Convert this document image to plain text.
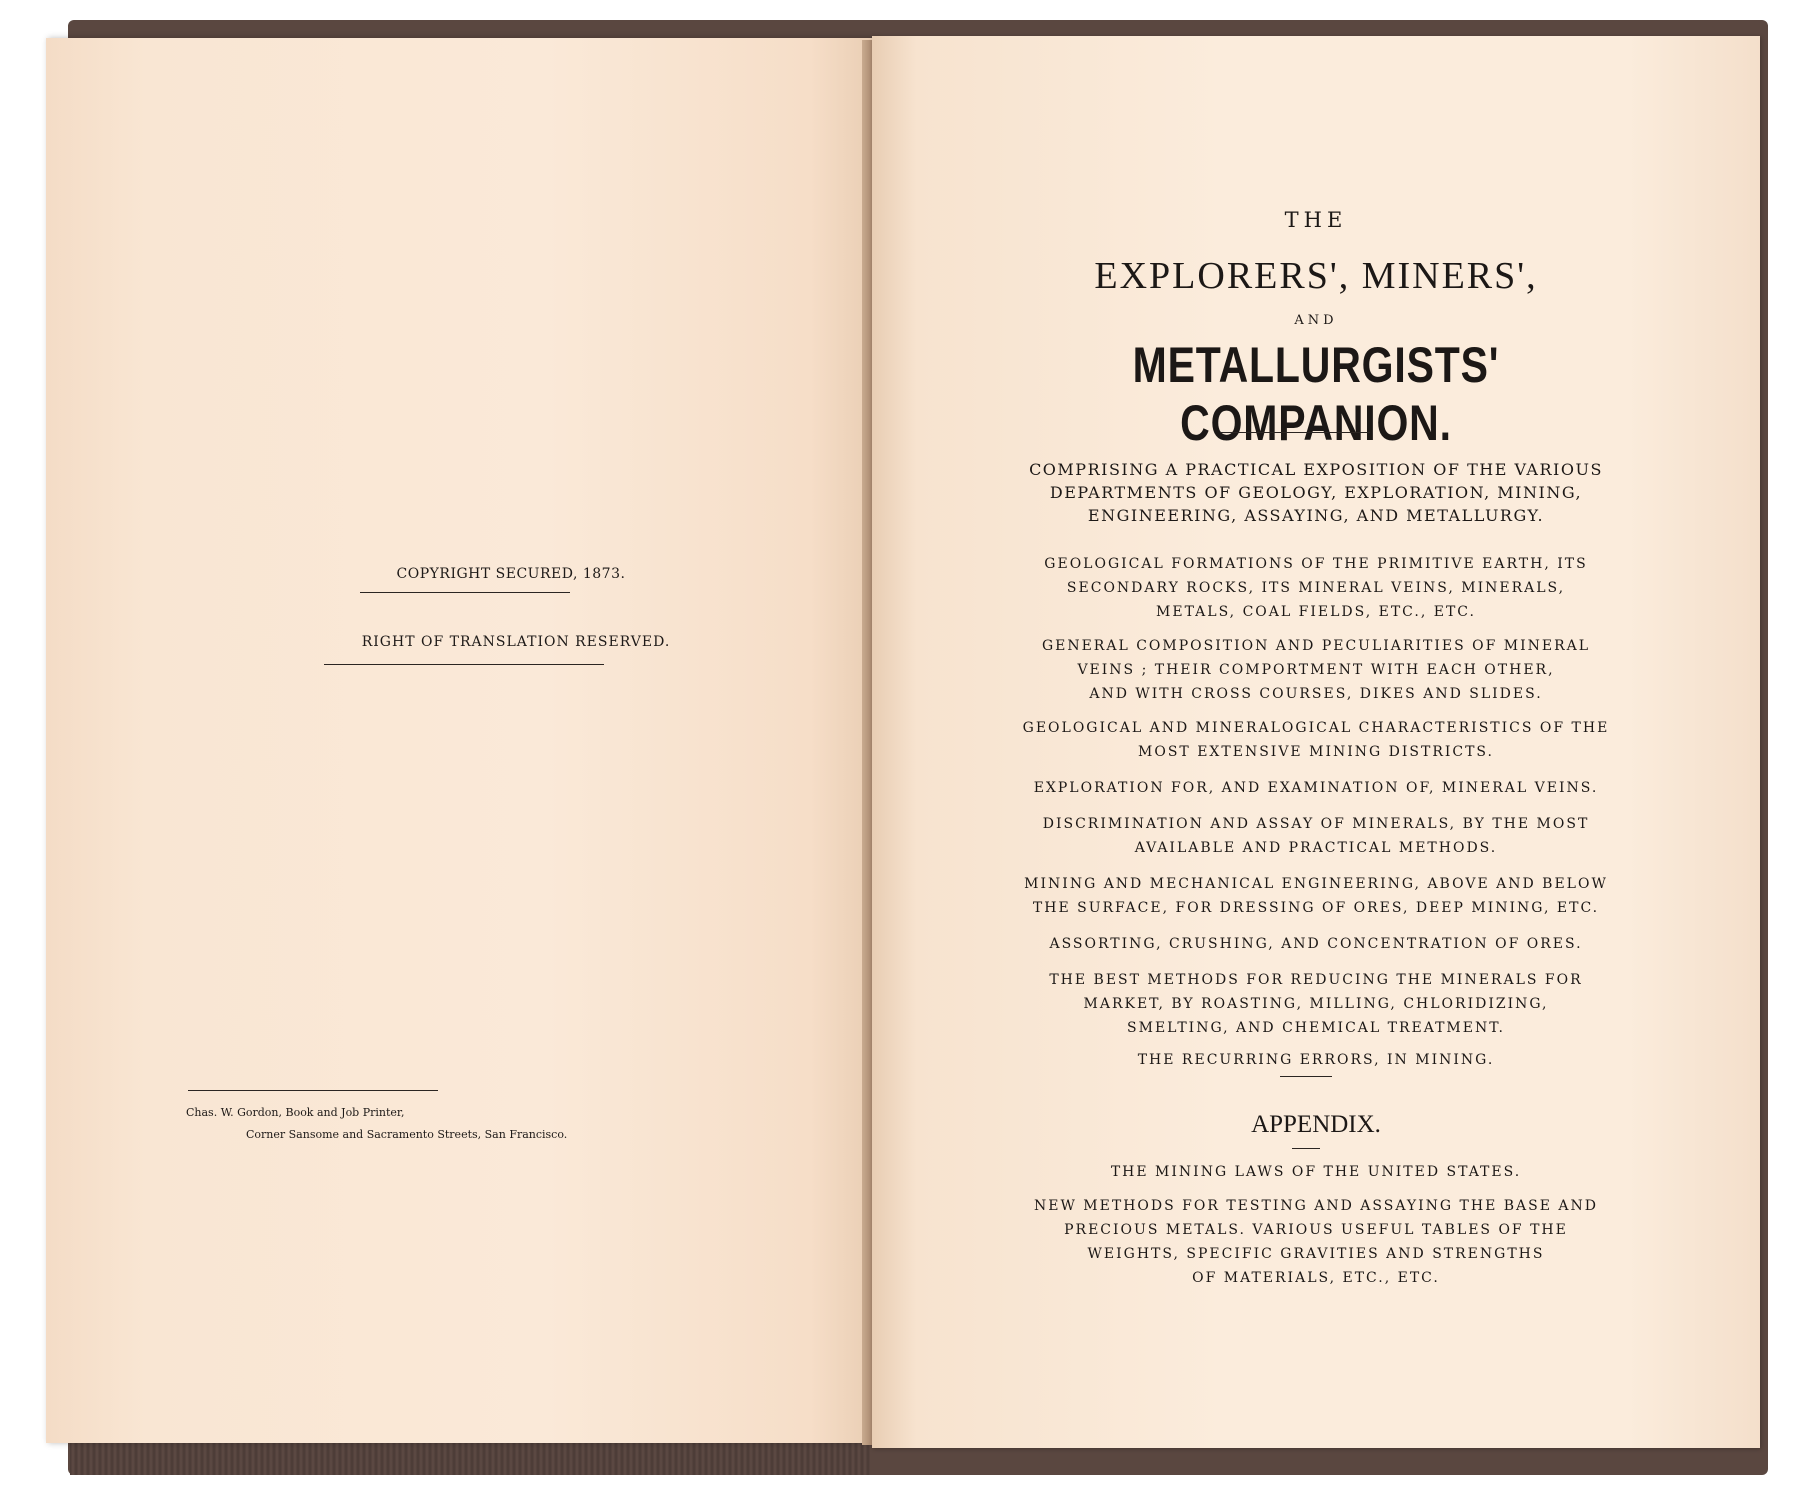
COPYRIGHT SECURED, 1873.
RIGHT OF TRANSLATION RESERVED.
Chas. W. Gordon, Book and Job Printer,
Corner Sansome and Sacramento Streets, San Francisco.
THE
EXPLORERS', MINERS',
AND
METALLURGISTS' COMPANION.
COMPRISING A PRACTICAL EXPOSITION OF THE VARIOUS
DEPARTMENTS OF GEOLOGY, EXPLORATION, MINING,
ENGINEERING, ASSAYING, AND METALLURGY.
GEOLOGICAL FORMATIONS OF THE PRIMITIVE EARTH, ITS
SECONDARY ROCKS, ITS MINERAL VEINS, MINERALS,
METALS, COAL FIELDS, ETC., ETC.
GENERAL COMPOSITION AND PECULIARITIES OF MINERAL
VEINS ; THEIR COMPORTMENT WITH EACH OTHER,
AND WITH CROSS COURSES, DIKES AND SLIDES.
GEOLOGICAL AND MINERALOGICAL CHARACTERISTICS OF THE
MOST EXTENSIVE MINING DISTRICTS.
EXPLORATION FOR, AND EXAMINATION OF, MINERAL VEINS.
DISCRIMINATION AND ASSAY OF MINERALS, BY THE MOST
AVAILABLE AND PRACTICAL METHODS.
MINING AND MECHANICAL ENGINEERING, ABOVE AND BELOW
THE SURFACE, FOR DRESSING OF ORES, DEEP MINING, ETC.
ASSORTING, CRUSHING, AND CONCENTRATION OF ORES.
THE BEST METHODS FOR REDUCING THE MINERALS FOR
MARKET, BY ROASTING, MILLING, CHLORIDIZING,
SMELTING, AND CHEMICAL TREATMENT.
THE RECURRING ERRORS, IN MINING.
APPENDIX.
THE MINING LAWS OF THE UNITED STATES.
NEW METHODS FOR TESTING AND ASSAYING THE BASE AND
PRECIOUS METALS. VARIOUS USEFUL TABLES OF THE
WEIGHTS, SPECIFIC GRAVITIES AND STRENGTHS
OF MATERIALS, ETC., ETC.
